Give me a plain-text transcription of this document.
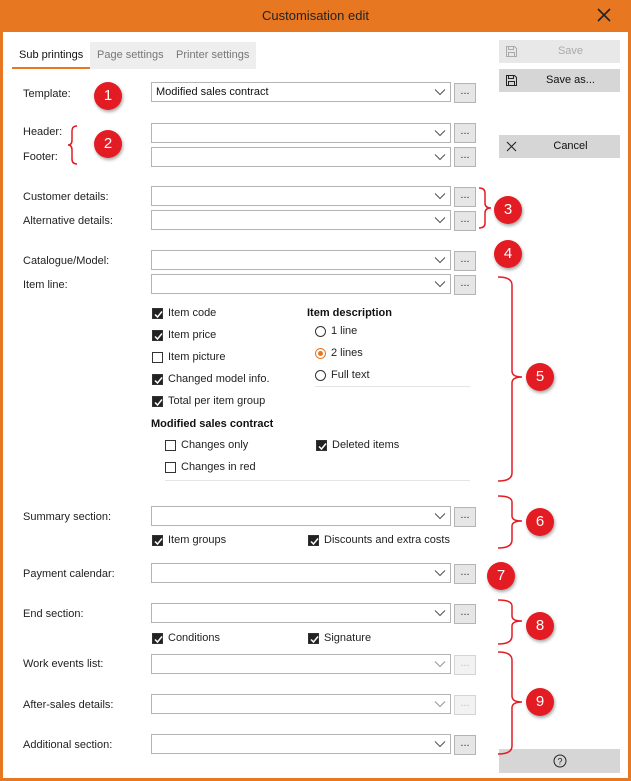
Customisation edit
Sub printings	Page settings	Printer settings
Template:	Modified sales contract	...
Header:	...
Footer:	...
Customer details:	...
Alternative details:	...
Catalogue/Model:	...
Item line:	...
Item code
Item price
Item picture
Changed model info.
Total per item group
Item description
1 line
2 lines
Full text
Modified sales contract
Changes only	Deleted items
Changes in red
Summary section:	...
Item groups	Discounts and extra costs
Payment calendar:	...
End section:	...
Conditions	Signature
Work events list:	...
After-sales details:	...
Additional section:	...
Save
Save as...
Cancel
?
1
2
3
4
5
6
7
8
9
